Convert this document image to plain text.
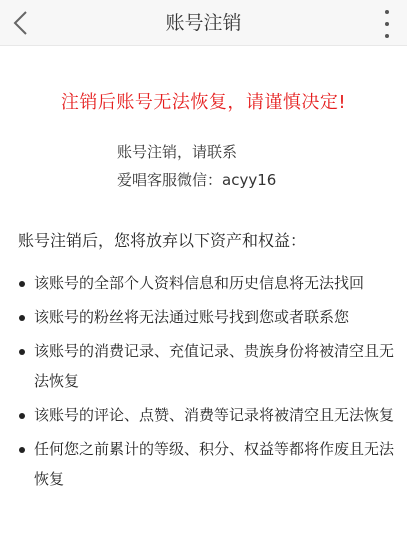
账号注销
注销后账号无法恢复，请谨慎决定!
账号注销，请联系
爱唱客服微信：acyy16
账号注销后，您将放弃以下资产和权益：
该账号的全部个人资料信息和历史信息将无法找回
该账号的粉丝将无法通过账号找到您或者联系您
该账号的消费记录、充值记录、贵族身份将被清空且无法恢复
该账号的评论、点赞、消费等记录将被清空且无法恢复
任何您之前累计的等级、积分、权益等都将作废且无法恢复
